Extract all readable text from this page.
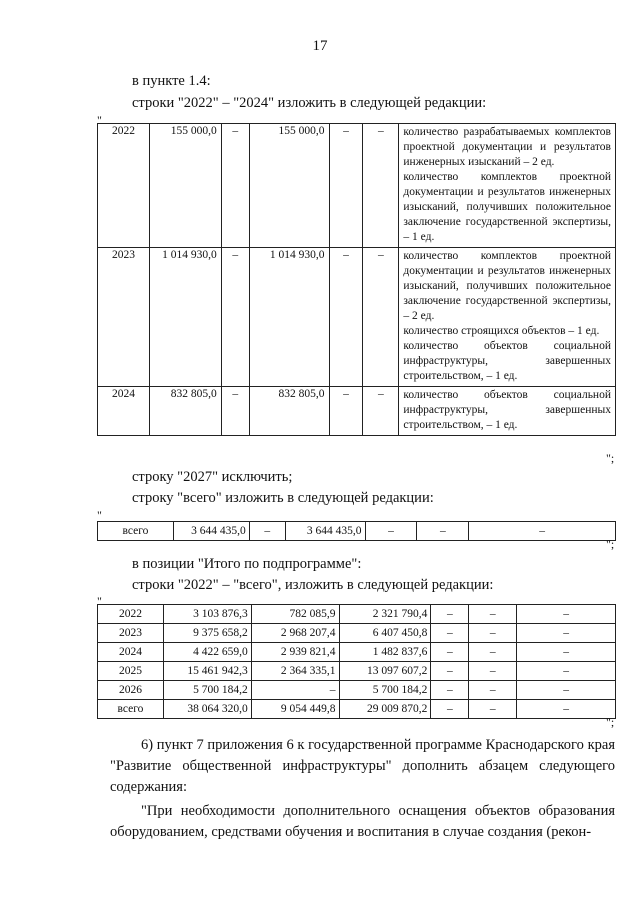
17
в пункте 1.4:
строки "2022" – "2024" изложить в следующей редакции:
"
2022	155 000,0	–	155 000,0	–	–	количество разрабатываемых комплектов проектной документации и результатов инженерных изысканий – 2 ед.
количество комплектов проектной документации и результатов инженерных изысканий, получивших положительное заключение государственной экспертизы, – 1 ед.

2023	1 014 930,0	–	1 014 930,0	–	–	количество комплектов проектной документации и результатов инженерных изысканий, получивших положительное заключение государственной экспертизы, – 2 ед.
количество строящихся объектов – 1 ед.
количество объектов социальной инфраструктуры, завершенных строительством, – 1 ед.

2024	832 805,0	–	832 805,0	–	–	количество объектов социальной инфраструктуры, завершенных строительством, – 1 ед.
";
строку "2027" исключить;
строку "всего" изложить в следующей редакции:
"
всего	3 644 435,0	–	3 644 435,0	–	–	–
";
в позиции "Итого по подпрограмме":
строки "2022" – "всего", изложить в следующей редакции:
"
2022	3 103 876,3	782 085,9	2 321 790,4	–	–	–
2023	9 375 658,2	2 968 207,4	6 407 450,8	–	–	–
2024	4 422 659,0	2 939 821,4	1 482 837,6	–	–	–
2025	15 461 942,3	2 364 335,1	13 097 607,2	–	–	–
2026	5 700 184,2	–	5 700 184,2	–	–	–
всего	38 064 320,0	9 054 449,8	29 009 870,2	–	–	–
";
6) пункт 7 приложения 6 к государственной программе Краснодарского края "Развитие общественной инфраструктуры" дополнить абзацем следующего содержания:
"При необходимости дополнительного оснащения объектов образования оборудованием, средствами обучения и воспитания в случае создания (рекон-
